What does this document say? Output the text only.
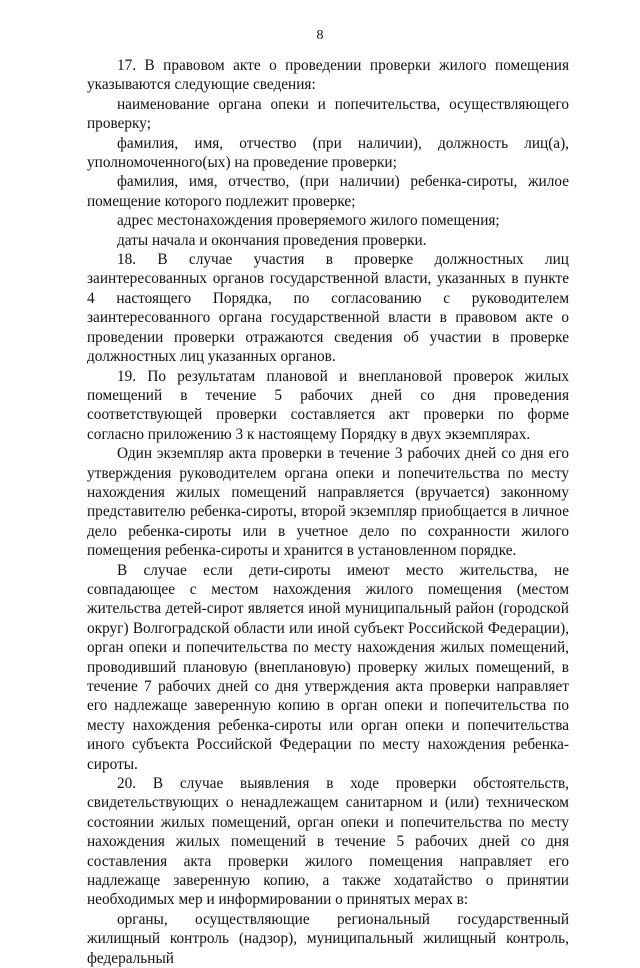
8

17. В правовом акте о проведении проверки жилого помещения указываются следующие сведения:

наименование органа опеки и попечительства, осуществляющего проверку;

фамилия, имя, отчество (при наличии), должность лиц(а), уполномоченного(ых) на проведение проверки;

фамилия, имя, отчество, (при наличии) ребенка-сироты, жилое помещение которого подлежит проверке;

адрес местонахождения проверяемого жилого помещения;

даты начала и окончания проведения проверки.

18. В случае участия в проверке должностных лиц заинтересованных органов государственной власти, указанных в пункте 4 настоящего Порядка, по согласованию с руководителем заинтересованного органа государственной власти в правовом акте о проведении проверки отражаются сведения об участии в проверке должностных лиц указанных органов.

19. По результатам плановой и внеплановой проверок жилых помещений в течение 5 рабочих дней со дня проведения соответствующей проверки составляется акт проверки по форме согласно приложению 3 к настоящему Порядку в двух экземплярах.

Один экземпляр акта проверки в течение 3 рабочих дней со дня его утверждения руководителем органа опеки и попечительства по месту нахождения жилых помещений направляется (вручается) законному представителю ребенка-сироты, второй экземпляр приобщается в личное дело ребенка-сироты или в учетное дело по сохранности жилого помещения ребенка-сироты и хранится в установленном порядке.

В случае если дети-сироты имеют место жительства, не совпадающее с местом нахождения жилого помещения (местом жительства детей-сирот является иной муниципальный район (городской округ) Волгоградской области или иной субъект Российской Федерации), орган опеки и попечительства по месту нахождения жилых помещений, проводивший плановую (внеплановую) проверку жилых помещений, в течение 7 рабочих дней со дня утверждения акта проверки направляет его надлежаще заверенную копию в орган опеки и попечительства по месту нахождения ребенка-сироты или орган опеки и попечительства иного субъекта Российской Федерации по месту нахождения ребенка-сироты.

20. В случае выявления в ходе проверки обстоятельств, свидетельствующих о ненадлежащем санитарном и (или) техническом состоянии жилых помещений, орган опеки и попечительства по месту нахождения жилых помещений в течение 5 рабочих дней со дня составления акта проверки жилого помещения направляет его надлежаще заверенную копию, а также ходатайство о принятии необходимых мер и информировании о принятых мерах в:

органы, осуществляющие региональный государственный жилищный контроль (надзор), муниципальный жилищный контроль, федеральный
